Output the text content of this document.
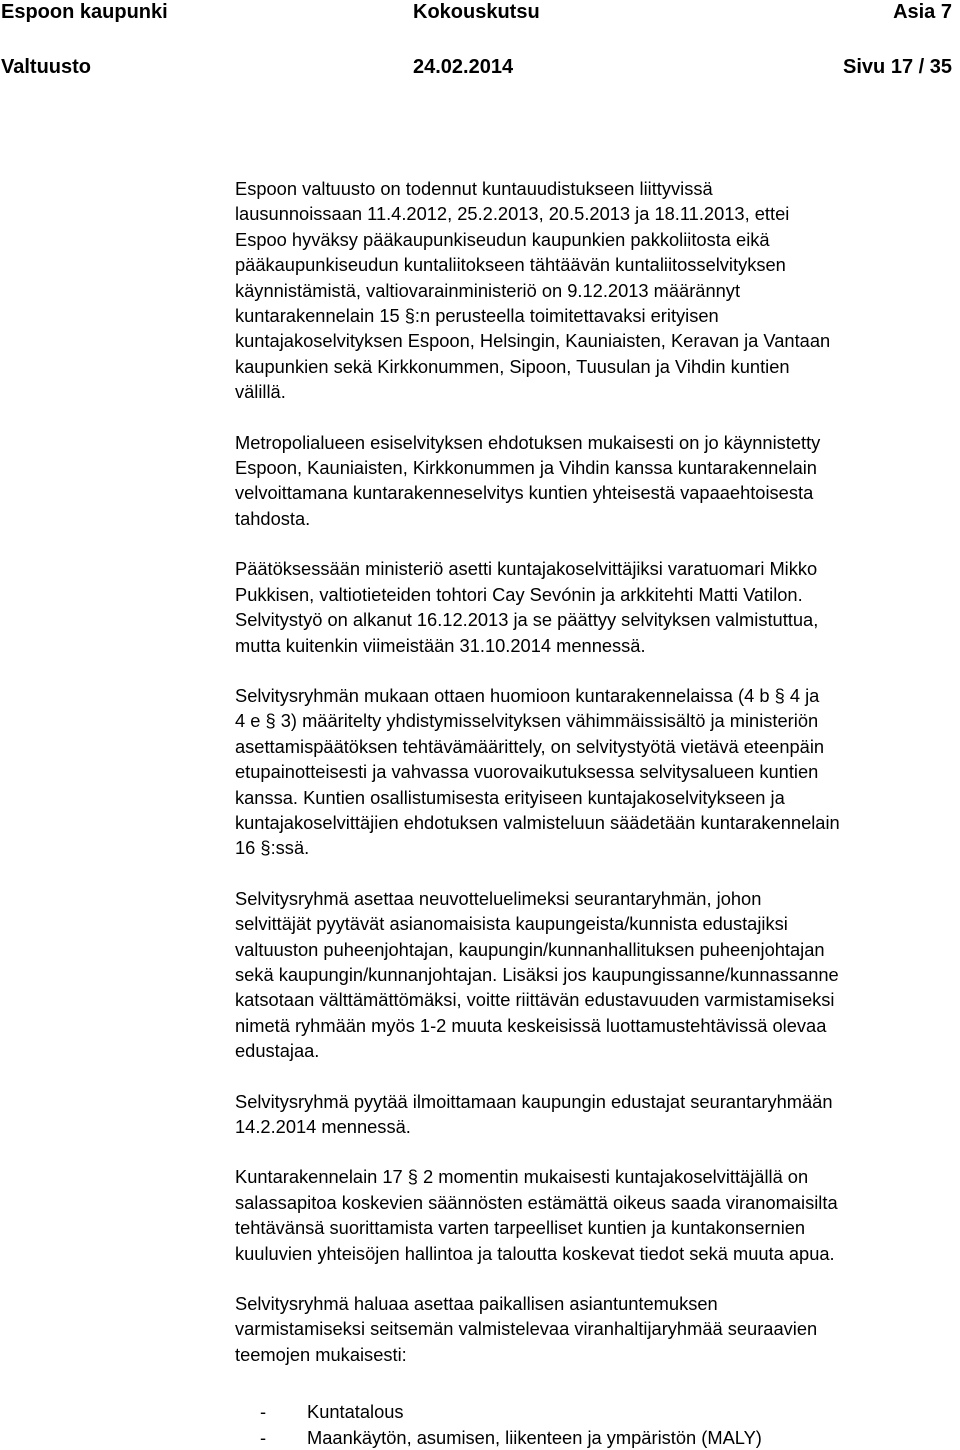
Espoon kaupunki	Kokouskutsu	Asia 7
Valtuusto	24.02.2014	Sivu 17 / 35

Espoon valtuusto on todennut kuntauudistukseen liittyvissä
lausunnoissaan 11.4.2012, 25.2.2013, 20.5.2013 ja 18.11.2013, ettei
Espoo hyväksy pääkaupunkiseudun kaupunkien pakkoliitosta eikä
pääkaupunkiseudun kuntaliitokseen tähtäävän kuntaliitosselvityksen
käynnistämistä, valtiovarainministeriö on 9.12.2013 määrännyt
kuntarakennelain 15 §:n perusteella toimitettavaksi erityisen
kuntajakoselvityksen Espoon, Helsingin, Kauniaisten, Keravan ja Vantaan
kaupunkien sekä Kirkkonummen, Sipoon, Tuusulan ja Vihdin kuntien
välillä.

Metropolialueen esiselvityksen ehdotuksen mukaisesti on jo käynnistetty
Espoon, Kauniaisten, Kirkkonummen ja Vihdin kanssa kuntarakennelain
velvoittamana kuntarakenneselvitys kuntien yhteisestä vapaaehtoisesta
tahdosta.

Päätöksessään ministeriö asetti kuntajakoselvittäjiksi varatuomari Mikko
Pukkisen, valtiotieteiden tohtori Cay Sevónin ja arkkitehti Matti Vatilon.
Selvitystyö on alkanut 16.12.2013 ja se päättyy selvityksen valmistuttua,
mutta kuitenkin viimeistään 31.10.2014 mennessä.

Selvitysryhmän mukaan ottaen huomioon kuntarakennelaissa (4 b § 4 ja
4 e § 3) määritelty yhdistymisselvityksen vähimmäissisältö ja ministeriön
asettamispäätöksen tehtävämäärittely, on selvitystyötä vietävä eteenpäin
etupainotteisesti ja vahvassa vuorovaikutuksessa selvitysalueen kuntien
kanssa. Kuntien osallistumisesta erityiseen kuntajakoselvitykseen ja
kuntajakoselvittäjien ehdotuksen valmisteluun säädetään kuntarakennelain
16 §:ssä.

Selvitysryhmä asettaa neuvotteluelimeksi seurantaryhmän, johon
selvittäjät pyytävät asianomaisista kaupungeista/kunnista edustajiksi
valtuuston puheenjohtajan, kaupungin/kunnanhallituksen puheenjohtajan
sekä kaupungin/kunnanjohtajan. Lisäksi jos kaupungissanne/kunnassanne
katsotaan välttämättömäksi, voitte riittävän edustavuuden varmistamiseksi
nimetä ryhmään myös 1-2 muuta keskeisissä luottamustehtävissä olevaa
edustajaa.

Selvitysryhmä pyytää ilmoittamaan kaupungin edustajat seurantaryhmään
14.2.2014 mennessä.

Kuntarakennelain 17 § 2 momentin mukaisesti kuntajakoselvittäjällä on
salassapitoa koskevien säännösten estämättä oikeus saada viranomaisilta
tehtävänsä suorittamista varten tarpeelliset kuntien ja kuntakonsernien
kuuluvien yhteisöjen hallintoa ja taloutta koskevat tiedot sekä muuta apua.

Selvitysryhmä haluaa asettaa paikallisen asiantuntemuksen
varmistamiseksi seitsemän valmistelevaa viranhaltijaryhmää seuraavien
teemojen mukaisesti:

- Kuntatalous
- Maankäytön, asumisen, liikenteen ja ympäristön (MALY)
